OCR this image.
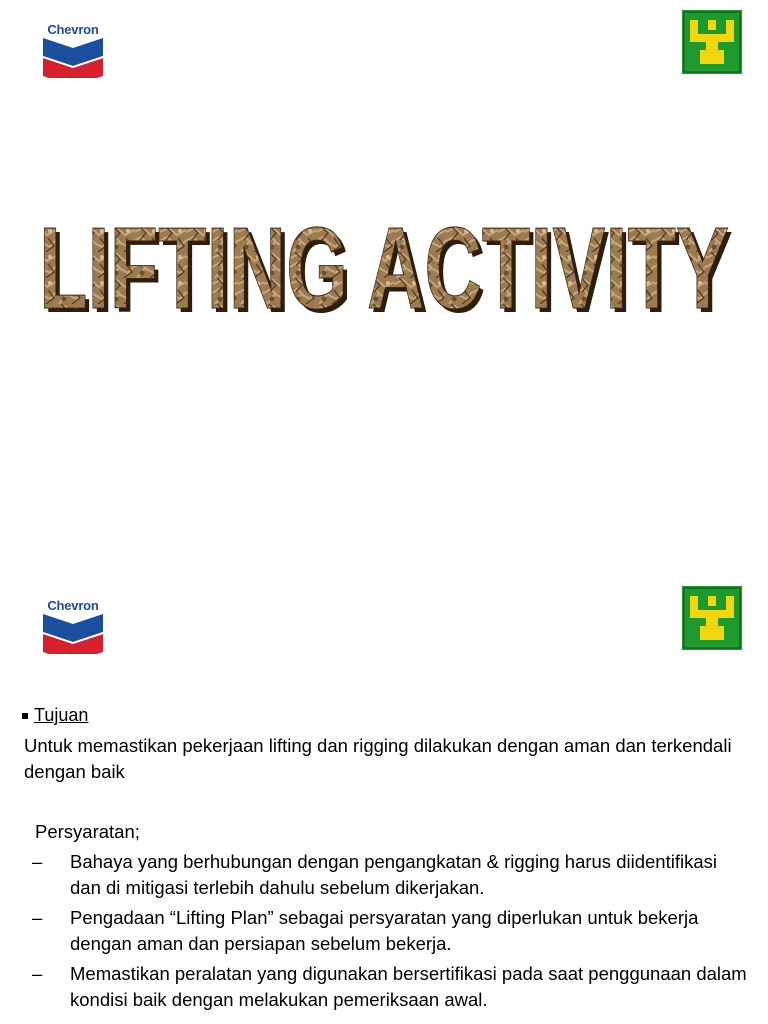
Chevron
LIFTING ACTIVITY
LIFTING ACTIVITY
Chevron
Tujuan
Untuk memastikan pekerjaan lifting dan rigging dilakukan dengan aman dan terkendali dengan baik
Persyaratan;
– Bahaya yang berhubungan dengan pengangkatan & rigging harus diidentifikasi dan di mitigasi terlebih dahulu sebelum dikerjakan.
– Pengadaan “Lifting Plan” sebagai persyaratan yang diperlukan untuk bekerja dengan aman dan persiapan sebelum bekerja.
– Memastikan peralatan yang digunakan bersertifikasi pada saat penggunaan dalam kondisi baik dengan melakukan pemeriksaan awal.
